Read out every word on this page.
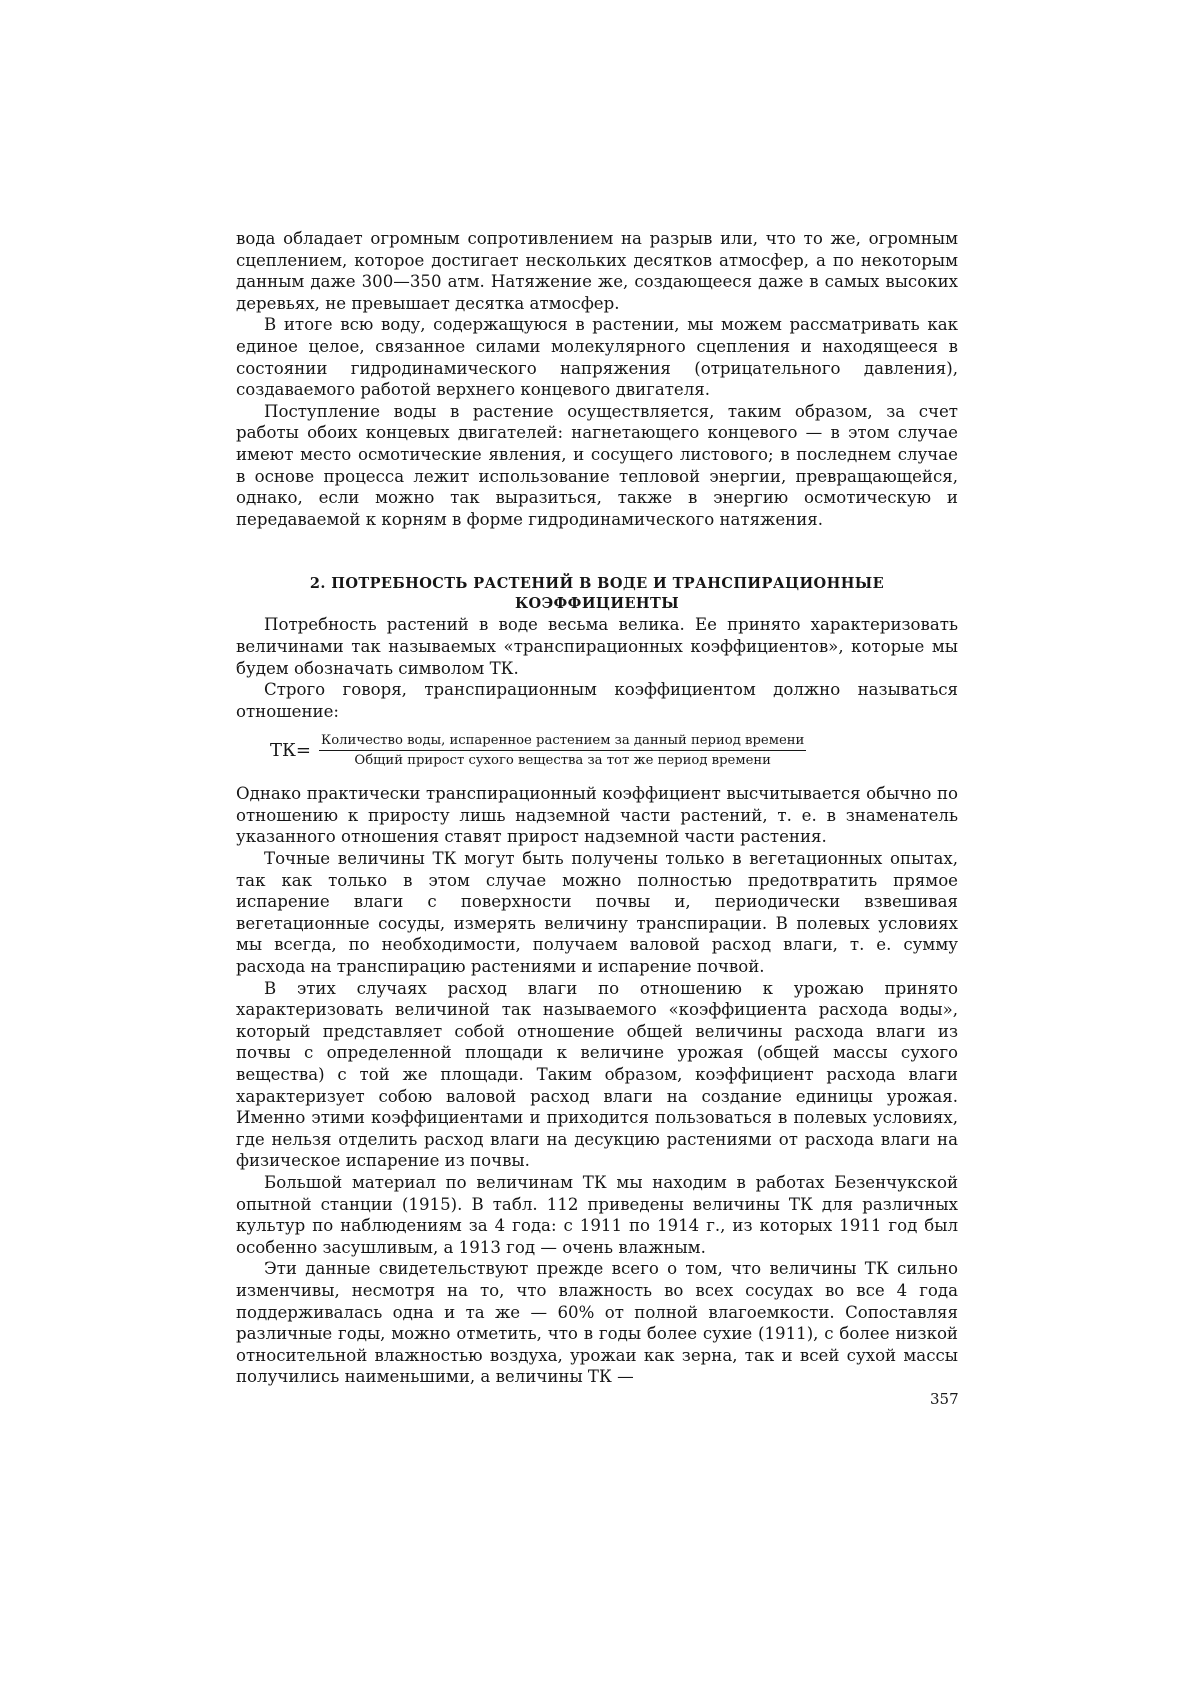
вода обладает огромным сопротивлением на разрыв или, что то же, огромным сцеплением, которое достигает нескольких десятков атмосфер, а по некоторым данным даже 300—350 атм. Натяжение же, создающееся даже в самых высоких деревьях, не превышает десятка атмосфер.

В итоге всю воду, содержащуюся в растении, мы можем рассматривать как единое целое, связанное силами молекулярного сцепления и находящееся в состоянии гидродинамического напряжения (отрицательного давления), создаваемого работой верхнего концевого двигателя.

Поступление воды в растение осуществляется, таким образом, за счет работы обоих концевых двигателей: нагнетающего концевого — в этом случае имеют место осмотические явления, и сосущего листового; в последнем случае в основе процесса лежит использование тепловой энергии, превращающейся, однако, если можно так выразиться, также в энергию осмотическую и передаваемой к корням в форме гидродинамического натяжения.

2. ПОТРЕБНОСТЬ РАСТЕНИЙ В ВОДЕ И ТРАНСПИРАЦИОННЫЕ
КОЭФФИЦИЕНТЫ

Потребность растений в воде весьма велика. Ее принято характеризовать величинами так называемых «транспирационных коэффициентов», которые мы будем обозначать символом ТК.

Строго говоря, транспирационным коэффициентом должно называться отношение:

ТК= Количество воды, испаренное растением за данный период времени
Общий прирост сухого вещества за тот же период времени

Однако практически транспирационный коэффициент высчитывается обычно по отношению к приросту лишь надземной части растений, т. е. в знаменатель указанного отношения ставят прирост надземной части растения.

Точные величины ТК могут быть получены только в вегетационных опытах, так как только в этом случае можно полностью предотвратить прямое испарение влаги с поверхности почвы и, периодически взвешивая вегетационные сосуды, измерять величину транспирации. В полевых условиях мы всегда, по необходимости, получаем валовой расход влаги, т. е. сумму расхода на транспирацию растениями и испарение почвой.

В этих случаях расход влаги по отношению к урожаю принято характеризовать величиной так называемого «коэффициента расхода воды», который представляет собой отношение общей величины расхода влаги из почвы с определенной площади к величине урожая (общей массы сухого вещества) с той же площади. Таким образом, коэффициент расхода влаги характеризует собою валовой расход влаги на создание единицы урожая. Именно этими коэффициентами и приходится пользоваться в полевых условиях, где нельзя отделить расход влаги на десукцию растениями от расхода влаги на физическое испарение из почвы.

Большой материал по величинам ТК мы находим в работах Безенчукской опытной станции (1915). В табл. 112 приведены величины ТК для различных культур по наблюдениям за 4 года: с 1911 по 1914 г., из которых 1911 год был особенно засушливым, а 1913 год — очень влажным.

Эти данные свидетельствуют прежде всего о том, что величины ТК сильно изменчивы, несмотря на то, что влажность во всех сосудах во все 4 года поддерживалась одна и та же — 60% от полной влагоемкости. Сопоставляя различные годы, можно отметить, что в годы более сухие (1911), с более низкой относительной влажностью воздуха, урожаи как зерна, так и всей сухой массы получились наименьшими, а величины ТК —

357
